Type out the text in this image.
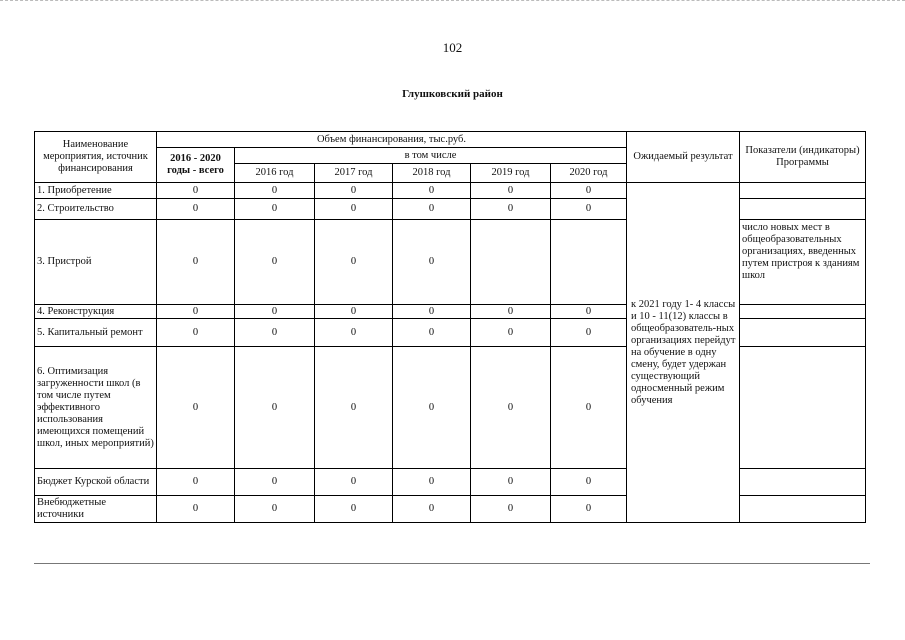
102
Глушковский район
Наименование мероприятия, источник финансирования	Объем финансирования, тыс.руб.						Ожидаемый результат	Показатели (индикаторы) Программы
	2016 - 2020 годы - всего	в том числе						
		2016 год	2017 год	2018 год	2019 год	2020 год		
1. Приобретение	0	0	0	0	0	0	к 2021 году 1- 4 классы и 10 - 11(12) классы в общеобразователь-ных организациях перейдут на обучение в одну смену, будет удержан существующий односменный режим обучения	
2. Строительство	0	0	0	0	0	0		
3. Пристрой	0	0	0	0				число новых мест в общеобразовательных организациях, введенных путем пристроя к зданиям школ
4. Реконструкция	0	0	0	0	0	0		
5. Капитальный ремонт	0	0	0	0	0	0		
6. Оптимизация загруженности школ (в том числе путем эффективного использования имеющихся помещений школ, иных мероприятий)	0	0	0	0	0	0		
Бюджет Курской области	0	0	0	0	0	0		
Внебюджетные источники	0	0	0	0	0	0		
